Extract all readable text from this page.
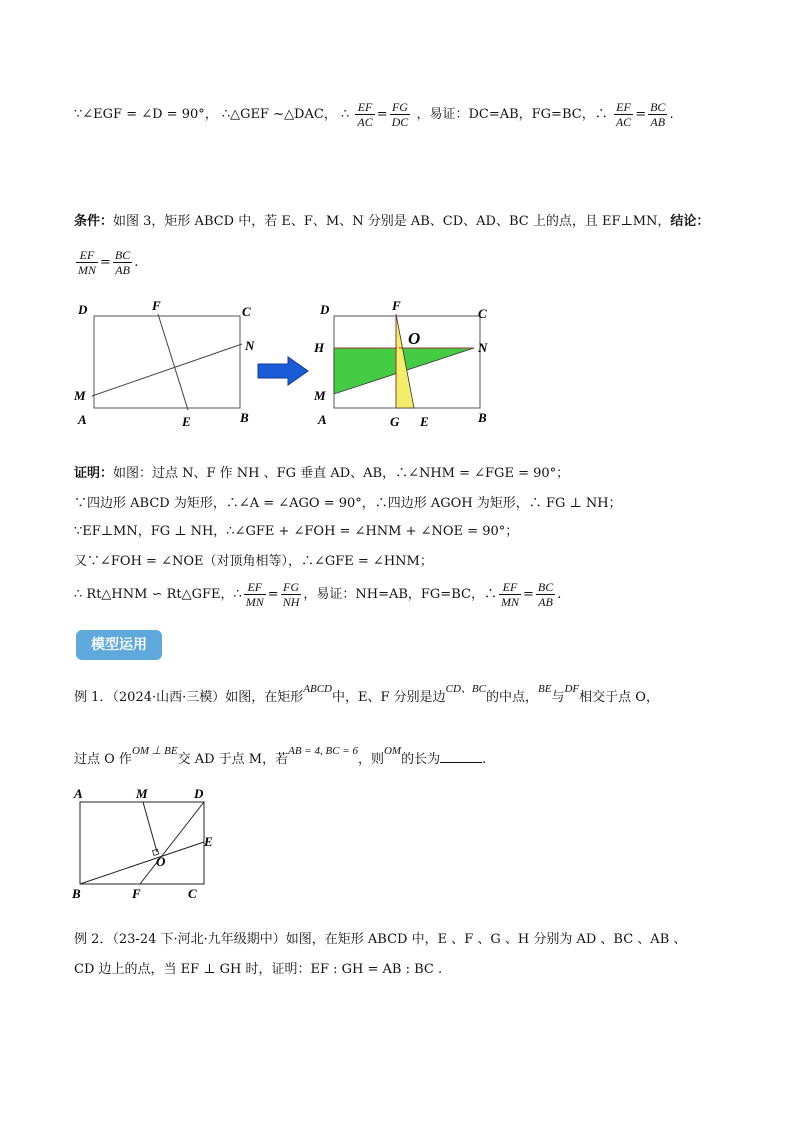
∵∠EGF = ∠D = 90°， ∴△GEF ~△DAC， ∴ $\frac{EF}{AC} = \frac{FG}{DC}$ ，易证：DC=AB，FG=BC，∴ $\frac{EF}{AC} = \frac{BC}{AB}$ .
条件：如图 3，矩形 ABCD 中，若 E、F、M、N 分别是 AB、CD、AD、BC 上的点，且 EF⊥MN，结论：
$\frac{EF}{MN} = \frac{BC}{AB}$ .
D	F	C
N
M
A	E	B
D	F
C
H	O	N
M
A	G E	B
证明：如图：过点 N、F 作 NH 、FG 垂直 AD、AB，∴∠NHM = ∠FGE = 90°；
∵四边形 ABCD 为矩形，∴∠A = ∠AGO = 90°，∴四边形 AGOH 为矩形，∴ FG ⊥ NH；
∵EF⊥MN，FG ⊥ NH，∴∠GFE + ∠FOH = ∠HNM + ∠NOE = 90°；
又∵∠FOH = ∠NOE（对顶角相等），∴∠GFE = ∠HNM；
∴ Rt△HNM ∽ Rt△GFE，∴ $\frac{EF}{MN} = \frac{FG}{NH}$ ，易证：NH=AB，FG=BC，∴ $\frac{EF}{MN} = \frac{BC}{AB}$ .
模型运用
例 1．（2024·山西·三模）如图，在矩形$^{ABCD}$中，E、F 分别是边$^{CD、BC}$的中点，$^{BE}$与$^{DF}$相交于点 O，
过点 O 作$^{OM \perp BE}$交 AD 于点 M，若$^{AB = 4, BC = 6}$，则$^{OM}$的长为	.
A	M	D
E
O
B	F	C
例 2．（23-24 下·河北·九年级期中）如图，在矩形 ABCD 中，E 、F 、G 、H 分别为 AD 、BC 、AB 、
CD 边上的点，当 EF ⊥ GH 时，证明：EF : GH = AB : BC .
